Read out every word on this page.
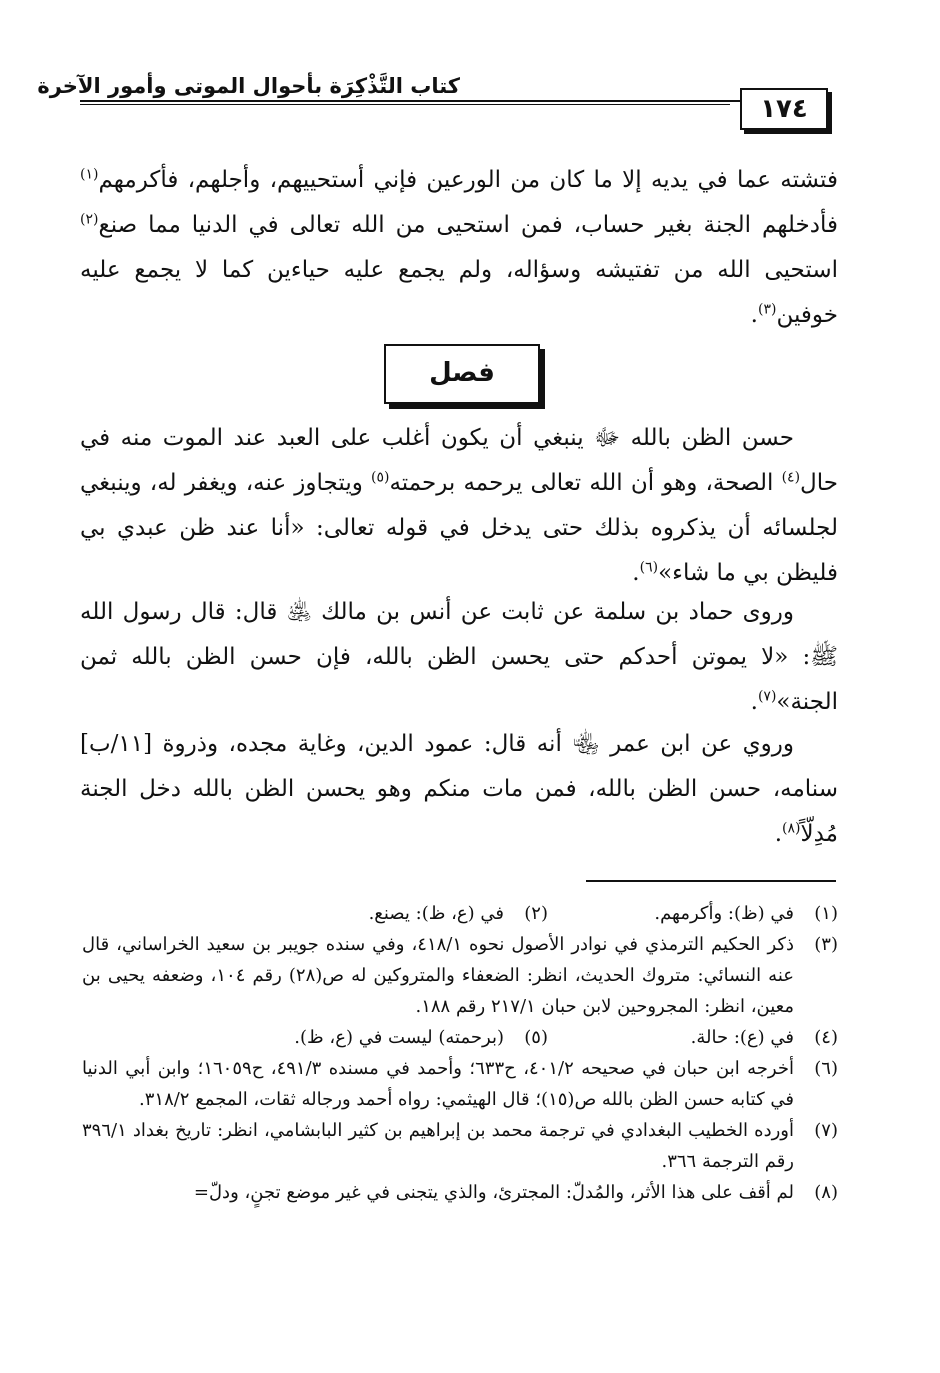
كتاب التَّذْكِرَة بأحوال الموتى وأمور الآخرة
١٧٤
فتشته عما في يديه إلا ما كان من الورعين فإني أستحييهم، وأجلهم، فأكرمهم$^{(١)}$ فأدخلهم الجنة بغير حساب، فمن استحيى من الله تعالى في الدنيا مما صنع$^{(٢)}$ استحيى الله من تفتيشه وسؤاله، ولم يجمع عليه حياءين كما لا يجمع عليه خوفين$^{(٣)}$.
فصل
حسن الظن بالله ﷻ ينبغي أن يكون أغلب على العبد عند الموت منه في حال$^{(٤)}$ الصحة، وهو أن الله تعالى يرحمه برحمته$^{(٥)}$ ويتجاوز عنه، ويغفر له، وينبغي لجلسائه أن يذكروه بذلك حتى يدخل في قوله تعالى: «أنا عند ظن عبدي بي فليظن بي ما شاء»$^{(٦)}$.
وروى حماد بن سلمة عن ثابت عن أنس بن مالك ﵁ قال: قال رسول الله ﷺ: «لا يموتن أحدكم حتى يحسن الظن بالله، فإن حسن الظن بالله ثمن الجنة»$^{(٧)}$.
وروي عن ابن عمر ﵄ أنه قال: عمود الدين، وغاية مجده، وذروة [١١/ب] سنامه، حسن الظن بالله، فمن مات منكم وهو يحسن الظن بالله دخل الجنة مُدِلّاً$^{(٨)}$.
(١)
في (ظ): وأكرمهم.
(٢)
في (ع، ظ): يصنع.
(٣)
ذكر الحكيم الترمذي في نوادر الأصول نحوه ٤١٨/١، وفي سنده جويبر بن سعيد الخراساني، قال عنه النسائي: متروك الحديث، انظر: الضعفاء والمتروكين له ص(٢٨) رقم ١٠٤، وضعفه يحيى بن معين، انظر: المجروحين لابن حبان ٢١٧/١ رقم ١٨٨.
(٤)
في (ع): حالة.
(٥)
(برحمته) ليست في (ع، ظ).
(٦)
أخرجه ابن حبان في صحيحه ٤٠١/٢، ح٦٣٣؛ وأحمد في مسنده ٤٩١/٣، ح١٦٠٥٩؛ وابن أبي الدنيا في كتابه حسن الظن بالله ص(١٥)؛ قال الهيثمي: رواه أحمد ورجاله ثقات، المجمع ٣١٨/٢.
(٧)
أورده الخطيب البغدادي في ترجمة محمد بن إبراهيم بن كثير البابشامي، انظر: تاريخ بغداد ٣٩٦/١ رقم الترجمة ٣٦٦.
(٨)
لم أقف على هذا الأثر، والمُدلّ: المجترئ، والذي يتجنى في غير موضع تجنٍ، ودلّ=
